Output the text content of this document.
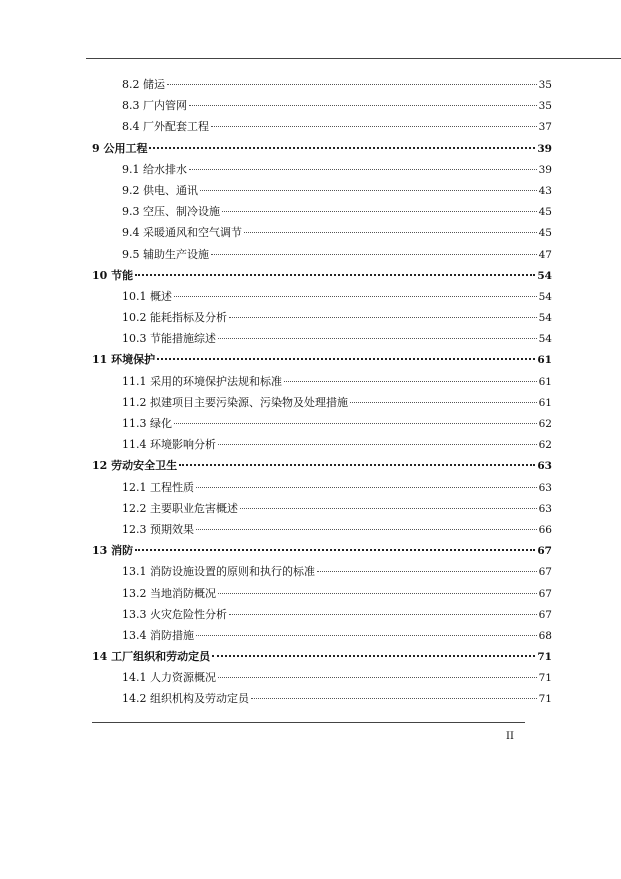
8.2 储运	35
8.3 厂内管网	35
8.4 厂外配套工程	37
9 公用工程	39
9.1 给水排水	39
9.2 供电、通讯	43
9.3 空压、制冷设施	45
9.4 采暖通风和空气调节	45
9.5 辅助生产设施	47
10 节能	54
10.1 概述	54
10.2 能耗指标及分析	54
10.3 节能措施综述	54
11 环境保护	61
11.1 采用的环境保护法规和标准	61
11.2 拟建项目主要污染源、污染物及处理措施	61
11.3 绿化	62
11.4 环境影响分析	62
12 劳动安全卫生	63
12.1 工程性质	63
12.2 主要职业危害概述	63
12.3 预期效果	66
13 消防	67
13.1 消防设施设置的原则和执行的标准	67
13.2 当地消防概况	67
13.3 火灾危险性分析	67
13.4 消防措施	68
14 工厂组织和劳动定员	71
14.1 人力资源概况	71
14.2 组织机构及劳动定员	71
II
